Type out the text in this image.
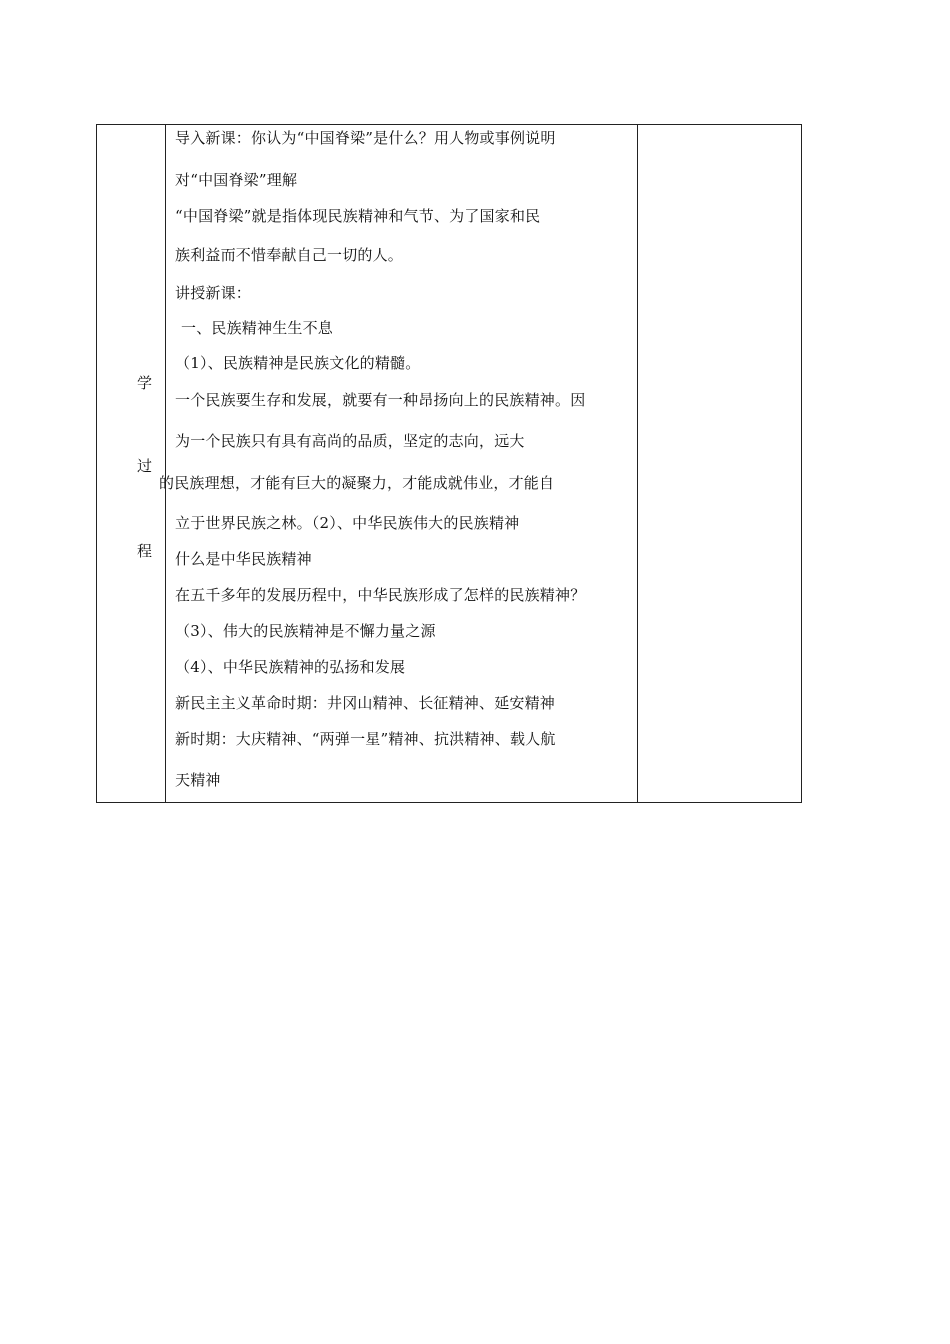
学
过
程
导入新课：你认为“中国脊梁”是什么？用人物或事例说明
对“中国脊梁”理解
“中国脊梁”就是指体现民族精神和气节、为了国家和民
族利益而不惜奉献自己一切的人。
讲授新课：
一、民族精神生生不息
（1）、民族精神是民族文化的精髓。
一个民族要生存和发展，就要有一种昂扬向上的民族精神。因
为一个民族只有具有高尚的品质，坚定的志向，远大
的民族理想，才能有巨大的凝聚力，才能成就伟业，才能自
立于世界民族之林。（2）、中华民族伟大的民族精神
什么是中华民族精神
在五千多年的发展历程中，中华民族形成了怎样的民族精神？
（3）、伟大的民族精神是不懈力量之源
（4）、中华民族精神的弘扬和发展
新民主主义革命时期：井冈山精神、长征精神、延安精神
新时期：大庆精神、“两弹一星”精神、抗洪精神、载人航
天精神
